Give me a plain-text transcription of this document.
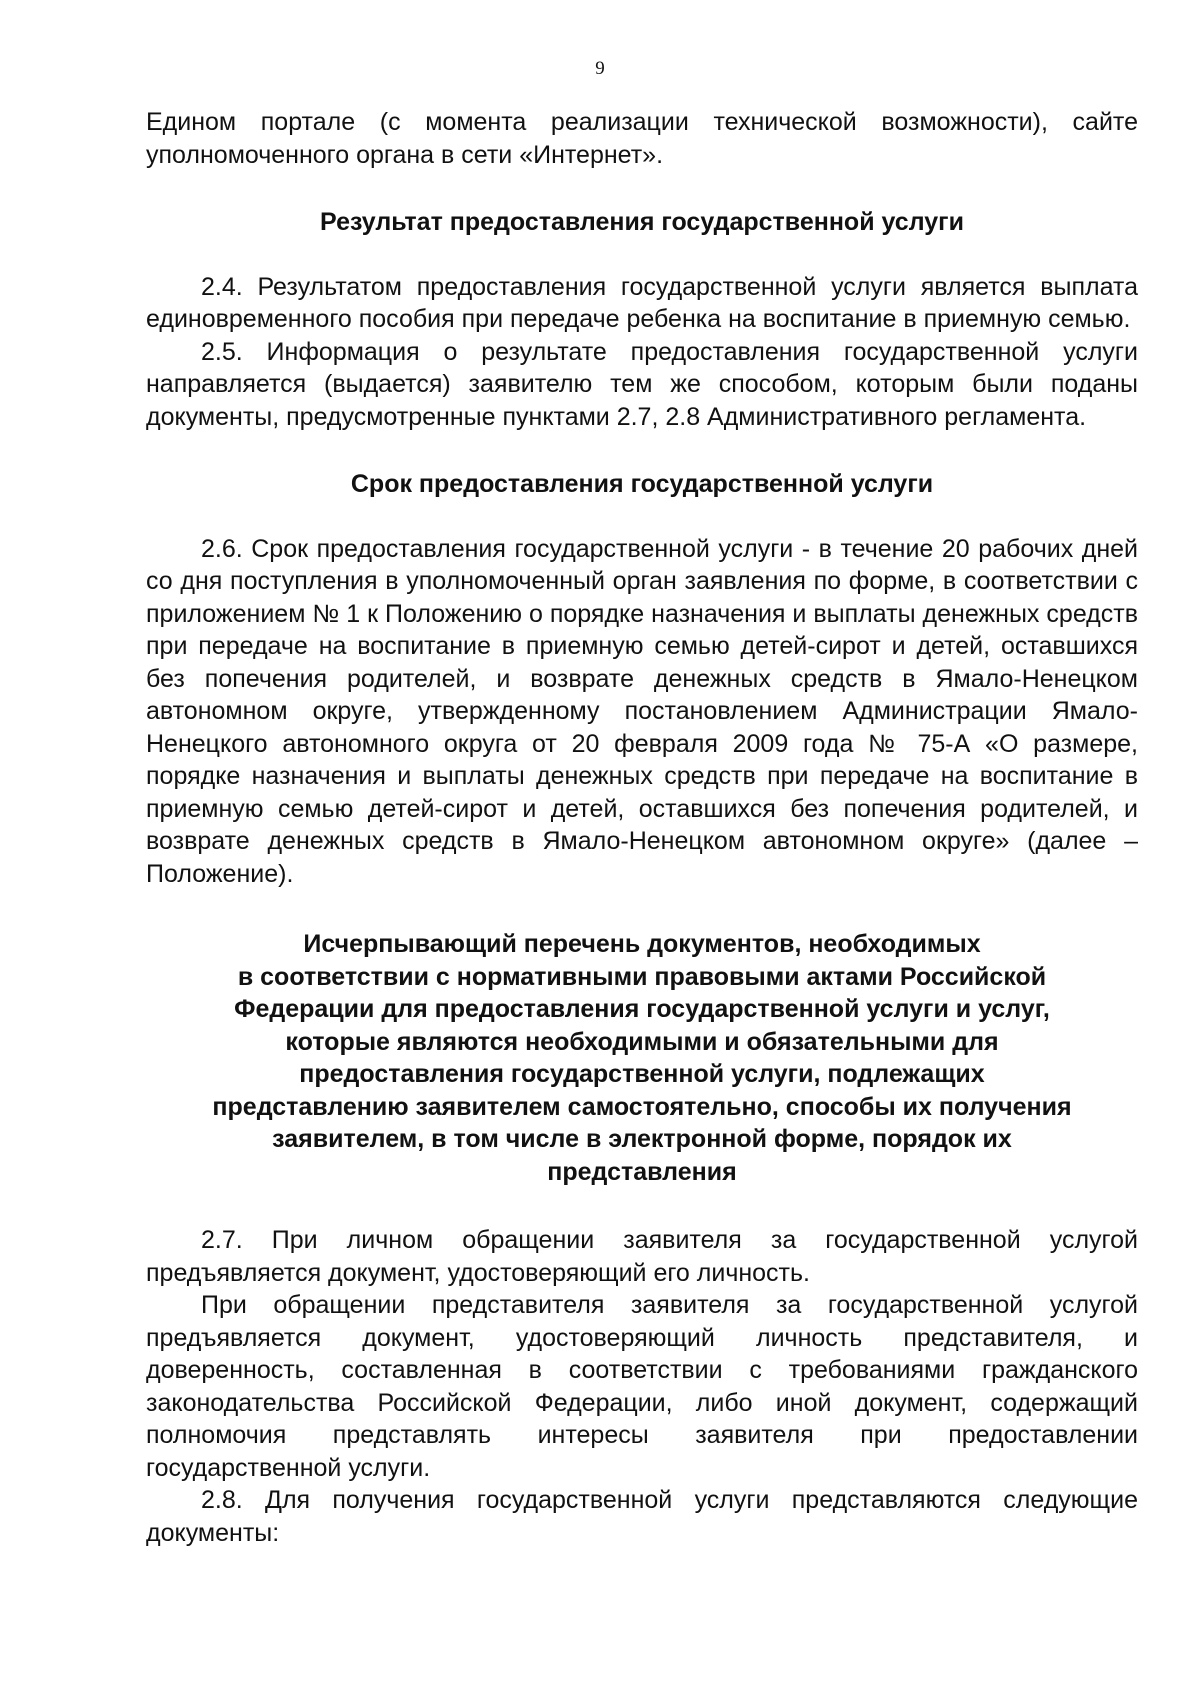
9

Едином портале (с момента реализации технической возможности), сайте уполномоченного органа в сети «Интернет».

Результат предоставления государственной услуги

2.4. Результатом предоставления государственной услуги является выплата единовременного пособия при передаче ребенка на воспитание в приемную семью.

2.5. Информация о результате предоставления государственной услуги направляется (выдается) заявителю тем же способом, которым были поданы документы, предусмотренные пунктами 2.7, 2.8 Административного регламента.

Срок предоставления государственной услуги

2.6. Срок предоставления государственной услуги - в течение 20 рабочих дней со дня поступления в уполномоченный орган заявления по форме, в соответствии с приложением № 1 к Положению о порядке назначения и выплаты денежных средств при передаче на воспитание в приемную семью детей-сирот и детей, оставшихся без попечения родителей, и возврате денежных средств в Ямало-Ненецком автономном округе, утвержденному постановлением Администрации Ямало-Ненецкого автономного округа от 20 февраля 2009 года № 75-А «О размере, порядке назначения и выплаты денежных средств при передаче на воспитание в приемную семью детей-сирот и детей, оставшихся без попечения родителей, и возврате денежных средств в Ямало-Ненецком автономном округе» (далее – Положение).

Исчерпывающий перечень документов, необходимых
в соответствии с нормативными правовыми актами Российской
Федерации для предоставления государственной услуги и услуг,
которые являются необходимыми и обязательными для
предоставления государственной услуги, подлежащих
представлению заявителем самостоятельно, способы их получения
заявителем, в том числе в электронной форме, порядок их
представления

2.7. При личном обращении заявителя за государственной услугой предъявляется документ, удостоверяющий его личность.

При обращении представителя заявителя за государственной услугой предъявляется документ, удостоверяющий личность представителя, и доверенность, составленная в соответствии с требованиями гражданского законодательства Российской Федерации, либо иной документ, содержащий полномочия представлять интересы заявителя при предоставлении государственной услуги.

2.8. Для получения государственной услуги представляются следующие документы:
